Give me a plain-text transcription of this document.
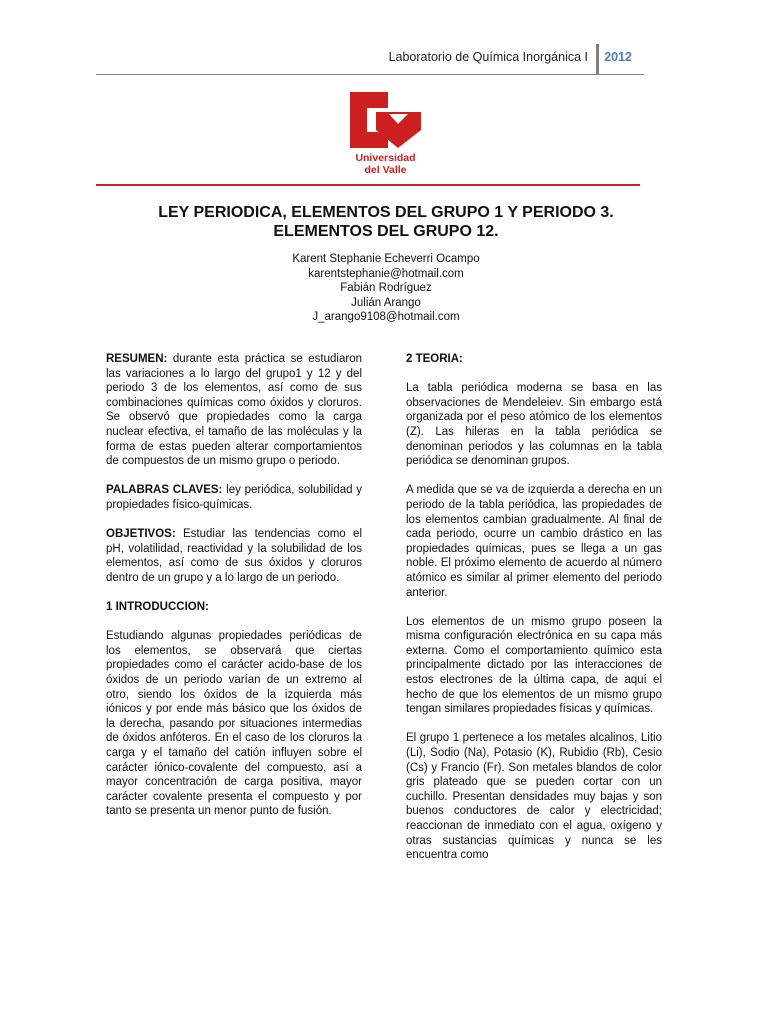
Laboratorio de Química Inorgánica I 2012
Universidad
del Valle
LEY PERIODICA, ELEMENTOS DEL GRUPO 1 Y PERIODO 3.
ELEMENTOS DEL GRUPO 12.
Karent Stephanie Echeverri Ocampo
karentstephanie@hotmail.com
Fabián Rodríguez
Julián Arango
J_arango9108@hotmail.com

RESUMEN: durante esta práctica se estudiaron las variaciones a lo largo del grupo1 y 12 y del periodo 3 de los elementos, así como de sus combinaciones químicas como óxidos y cloruros. Se observó que propiedades como la carga nuclear efectiva, el tamaño de las moléculas y la forma de estas pueden alterar comportamientos de compuestos de un mismo grupo o periodo.

PALABRAS CLAVES: ley periódica, solubilidad y propiedades físico-químicas.

OBJETIVOS: Estudiar las tendencias como el pH, volatilidad, reactividad y la solubilidad de los elementos, así como de sus óxidos y cloruros dentro de un grupo y a lo largo de un periodo.

1 INTRODUCCION:

Estudiando algunas propiedades periódicas de los elementos, se observará que ciertas propiedades como el carácter acido-base de los óxidos de un periodo varían de un extremo al otro, siendo los óxidos de la izquierda más iónicos y por ende más básico que los óxidos de la derecha, pasando por situaciones intermedias de óxidos anfóteros. En el caso de los cloruros la carga y el tamaño del catión influyen sobre el carácter iónico-covalente del compuesto, así a mayor concentración de carga positiva, mayor carácter covalente presenta el compuesto y por tanto se presenta un menor punto de fusión.

2 TEORIA:

La tabla periódica moderna se basa en las observaciones de Mendeleiev. Sin embargo está organizada por el peso atómico de los elementos (Z). Las hileras en la tabla periódica se denominan periodos y las columnas en la tabla periódica se denominan grupos.

A medida que se va de izquierda a derecha en un periodo de la tabla periódica, las propiedades de los elementos cambian gradualmente. Al final de cada periodo, ocurre un cambio drástico en las propiedades químicas, pues se llega a un gas noble. El próximo elemento de acuerdo al número atómico es similar al primer elemento del periodo anterior.

Los elementos de un mismo grupo poseen la misma configuración electrónica en su capa más externa. Como el comportamiento químico esta principalmente dictado por las interacciones de estos electrones de la última capa, de aquí el hecho de que los elementos de un mismo grupo tengan similares propiedades físicas y químicas.

El grupo 1 pertenece a los metales alcalinos, Litio (Li), Sodio (Na), Potasio (K), Rubidio (Rb), Cesio (Cs) y Francio (Fr). Son metales blandos de color gris plateado que se pueden cortar con un cuchillo. Presentan densidades muy bajas y son buenos conductores de calor y electricidad; reaccionan de inmediato con el agua, oxígeno y otras sustancias químicas y nunca se les encuentra como
